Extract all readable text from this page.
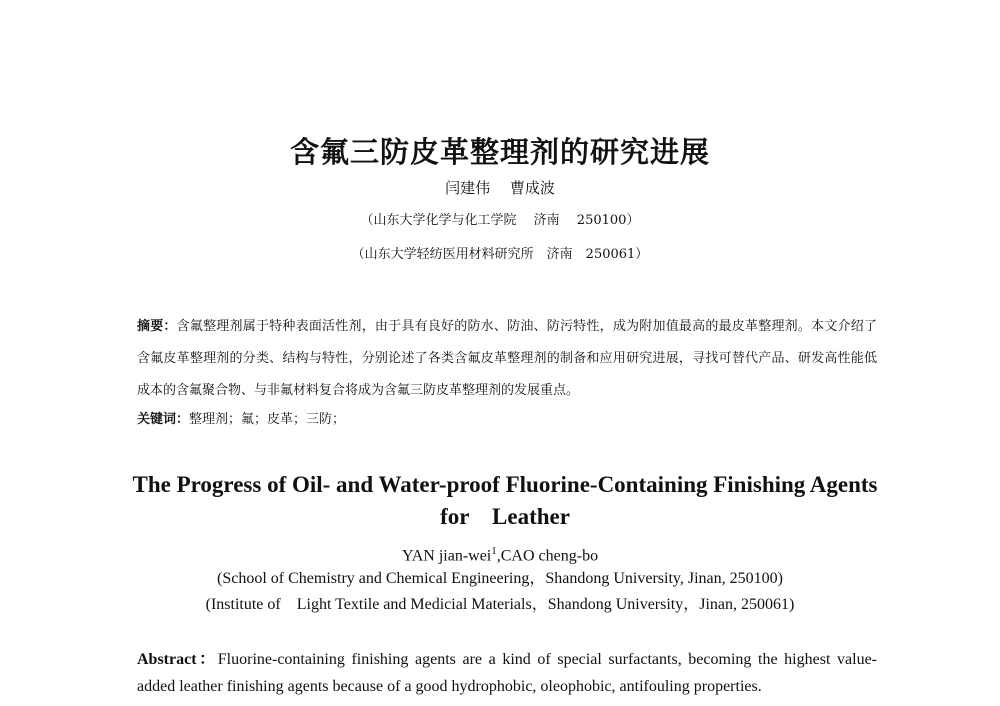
含氟三防皮革整理剂的研究进展
闫建伟　 曹成波
（山东大学化学与化工学院　 济南　 250100）
（山东大学轻纺医用材料研究所　济南　250061）
摘要：含氟整理剂属于特种表面活性剂，由于具有良好的防水、防油、防污特性，成为附加值最高的最皮革整理剂。本文介绍了含氟皮革整理剂的分类、结构与特性，分别论述了各类含氟皮革整理剂的制备和应用研究进展，寻找可替代产品、研发高性能低成本的含氟聚合物、与非氟材料复合将成为含氟三防皮革整理剂的发展重点。
关键词：整理剂；氟；皮革；三防；
The Progress of Oil- and Water-proof Fluorine-Containing Finishing Agents for　Leather
YAN jian-wei$^1$,CAO cheng-bo
(School of Chemistry and Chemical Engineering，Shandong University, Jinan, 250100)
(Institute of　Light Textile and Medicial Materials，Shandong University，Jinan, 250061)
Abstract：Fluorine-containing finishing agents are a kind of special surfactants, becoming the highest value-added leather finishing agents because of a good hydrophobic, oleophobic, antifouling properties.
